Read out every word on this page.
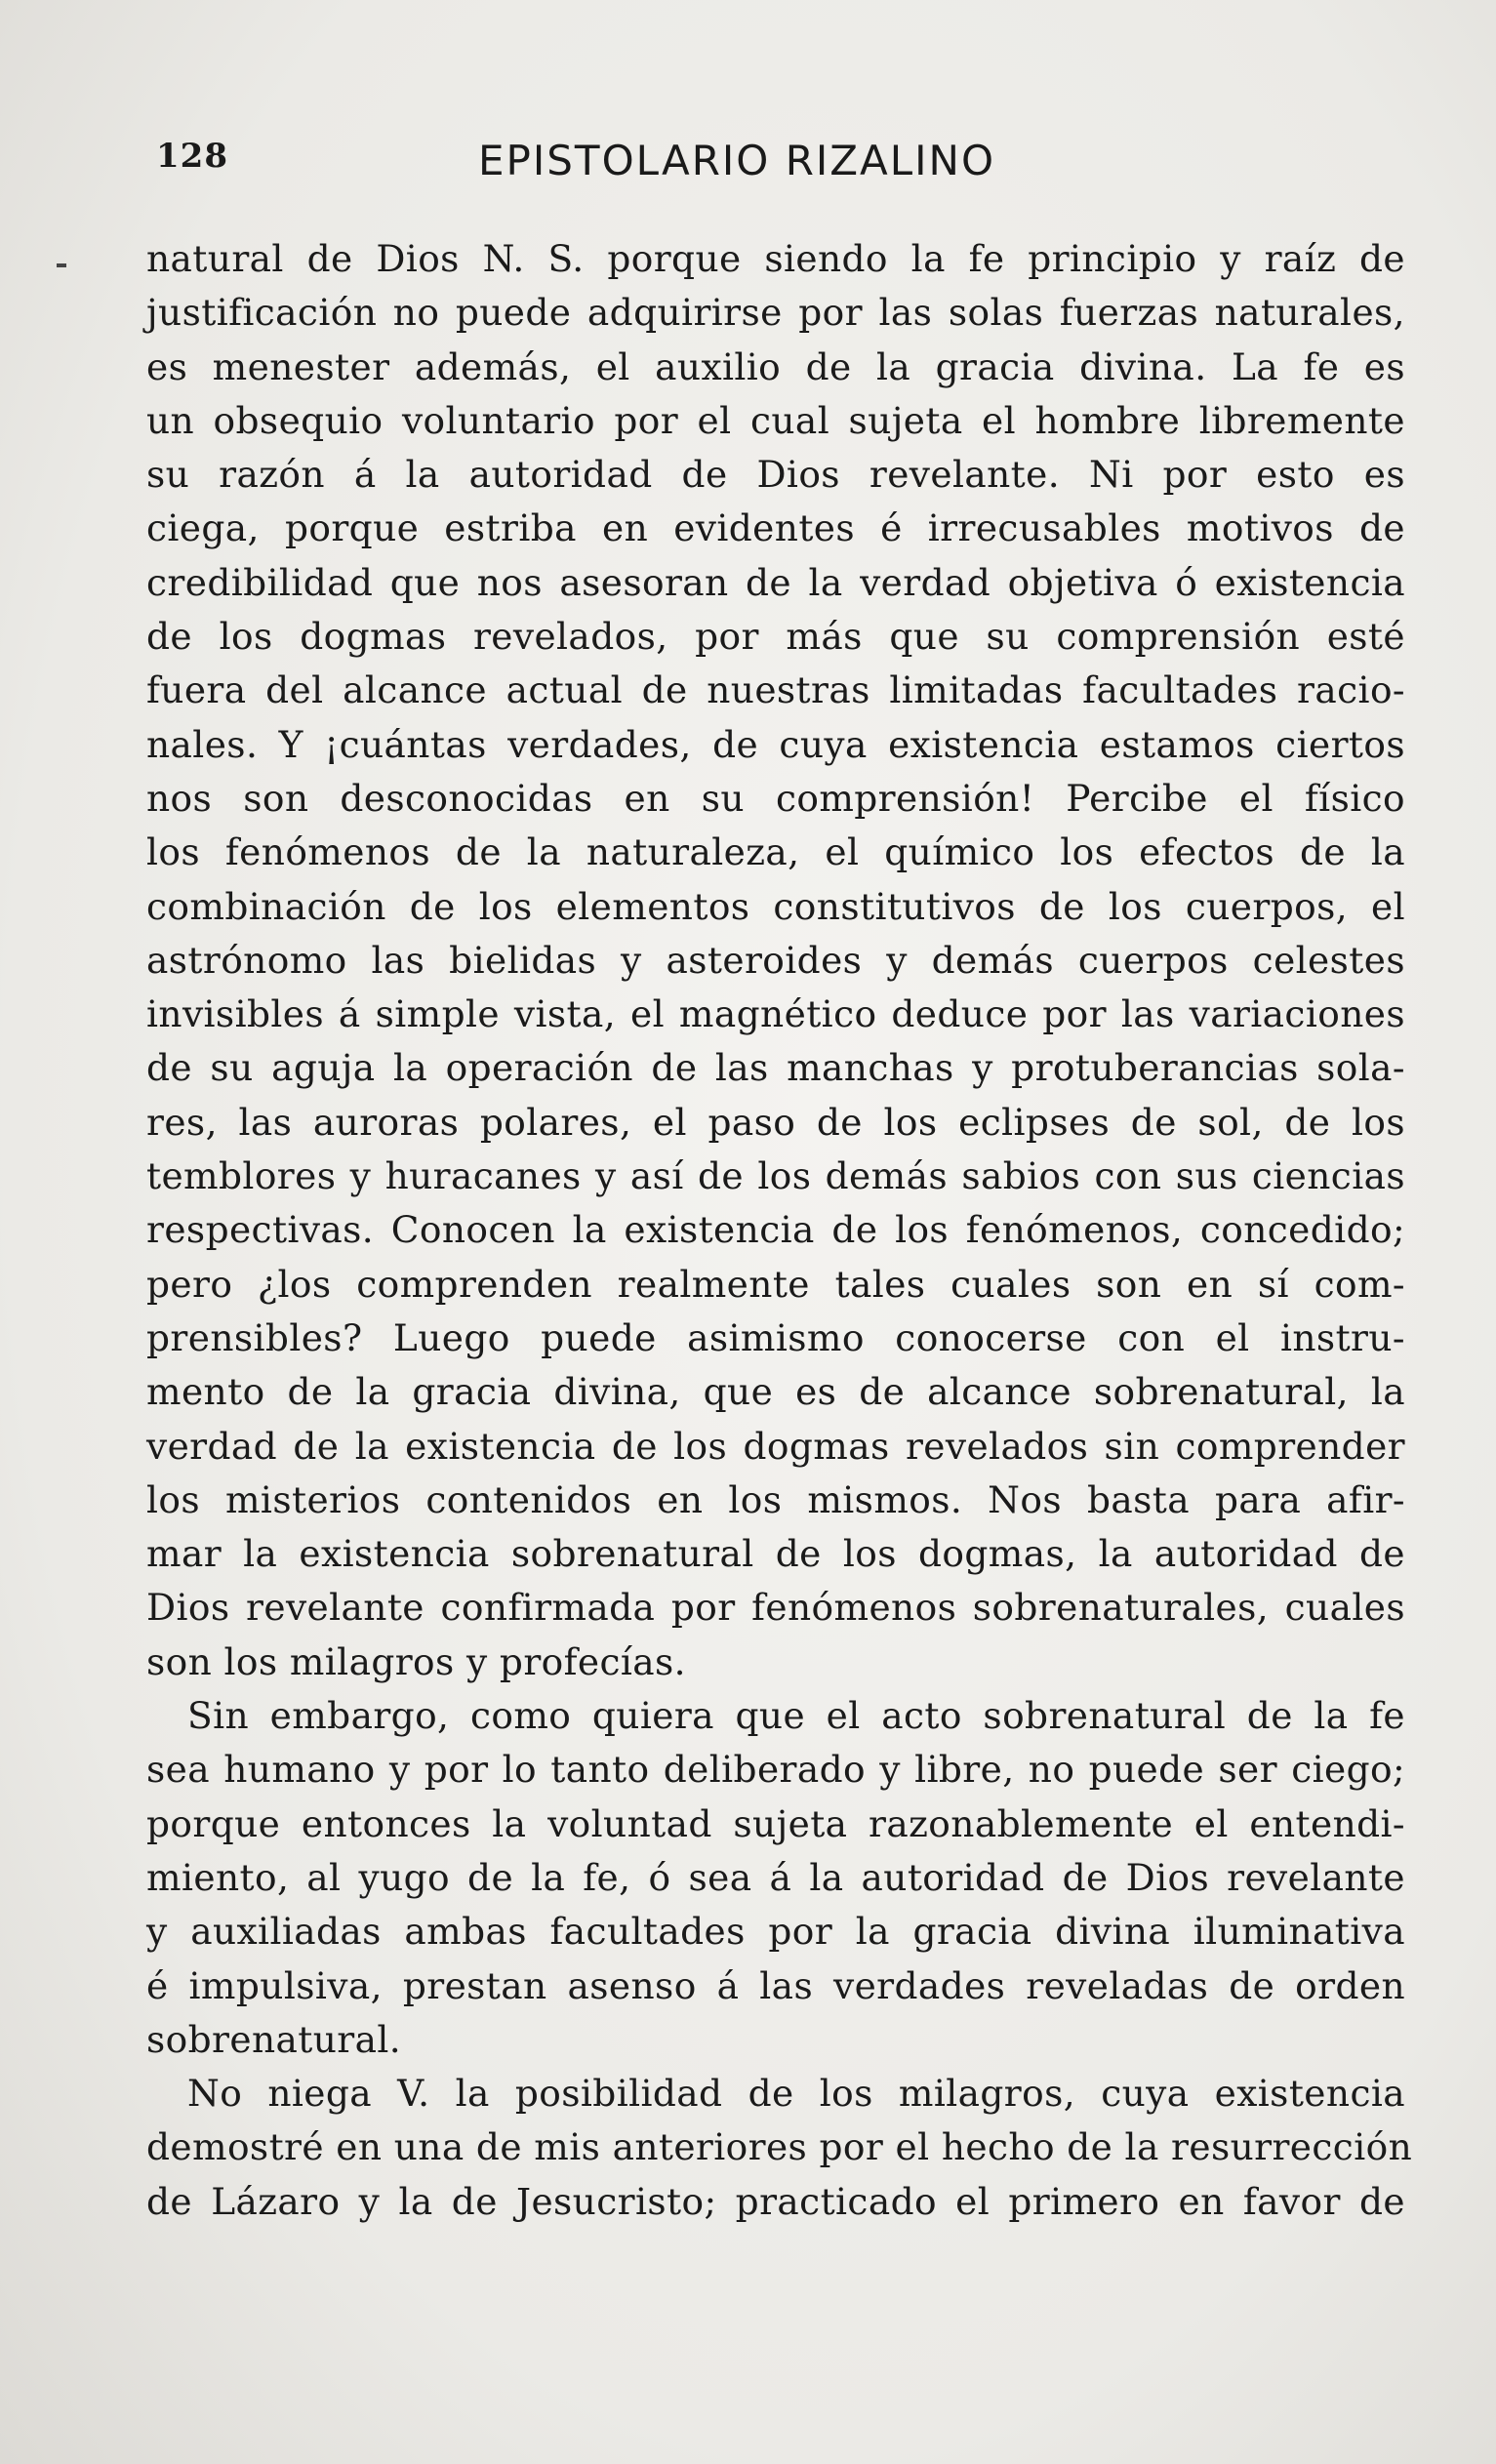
128	EPISTOLARIO RIZALINO
natural de Dios N. S. porque siendo la fe principio y raíz de
justificación no puede adquirirse por las solas fuerzas naturales,
es menester además, el auxilio de la gracia divina. La fe es
un obsequio voluntario por el cual sujeta el hombre libremente
su razón á la autoridad de Dios revelante. Ni por esto es
ciega, porque estriba en evidentes é irrecusables motivos de
credibilidad que nos asesoran de la verdad objetiva ó existencia
de los dogmas revelados, por más que su comprensión esté
fuera del alcance actual de nuestras limitadas facultades racio-
nales. Y ¡cuántas verdades, de cuya existencia estamos ciertos
nos son desconocidas en su comprensión! Percibe el físico
los fenómenos de la naturaleza, el químico los efectos de la
combinación de los elementos constitutivos de los cuerpos, el
astrónomo las bielidas y asteroides y demás cuerpos celestes
invisibles á simple vista, el magnético deduce por las variaciones
de su aguja la operación de las manchas y protuberancias sola-
res, las auroras polares, el paso de los eclipses de sol, de los
temblores y huracanes y así de los demás sabios con sus ciencias
respectivas. Conocen la existencia de los fenómenos, concedido;
pero ¿los comprenden realmente tales cuales son en sí com-
prensibles? Luego puede asimismo conocerse con el instru-
mento de la gracia divina, que es de alcance sobrenatural, la
verdad de la existencia de los dogmas revelados sin comprender
los misterios contenidos en los mismos. Nos basta para afir-
mar la existencia sobrenatural de los dogmas, la autoridad de
Dios revelante confirmada por fenómenos sobrenaturales, cuales
son los milagros y profecías.
Sin embargo, como quiera que el acto sobrenatural de la fe
sea humano y por lo tanto deliberado y libre, no puede ser ciego;
porque entonces la voluntad sujeta razonablemente el entendi-
miento, al yugo de la fe, ó sea á la autoridad de Dios revelante
y auxiliadas ambas facultades por la gracia divina iluminativa
é impulsiva, prestan asenso á las verdades reveladas de orden
sobrenatural.
No niega V. la posibilidad de los milagros, cuya existencia
demostré en una de mis anteriores por el hecho de la resurrección
de Lázaro y la de Jesucristo; practicado el primero en favor de
